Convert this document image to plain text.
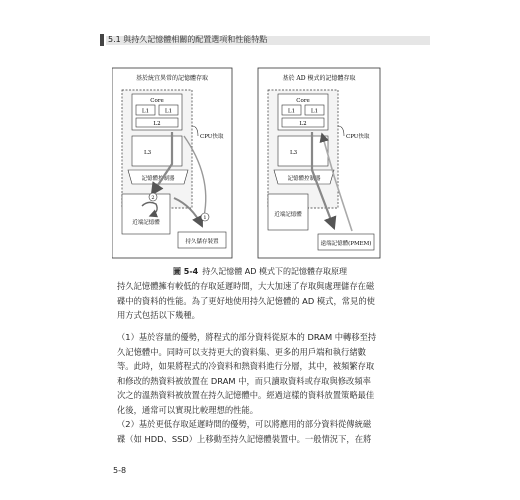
5.1 與持久記憶體相關的配置選項和性能特點
基於統宜異常的記憶體存取
Core
L1	L1
L2
L3
CPU快取
記憶體控制器
近端記憶體
持久儲存裝置
2
1
基於 AD 模式的記憶體存取
Core
L1	L1
L2
L3
CPU快取
記憶體控制器
近端記憶體
遠端記憶體(PMEM)
圖 5-4 持久記憶體 AD 模式下的記憶體存取原理
持久記憶體擁有較低的存取延遲時間，大大加速了存取與處理儲存在磁
碟中的資料的性能。為了更好地使用持久記憶體的 AD 模式，常見的使
用方式包括以下幾種。
（1）基於容量的優勢，將程式的部分資料從原本的 DRAM 中轉移至持
久記憶體中。同時可以支持更大的資料集、更多的用戶端和執行緒數
等。此時，如果將程式的冷資料和熱資料進行分層，其中，被頻繁存取
和修改的熱資料被放置在 DRAM 中，而只讀取資料或存取與修改頻率
次之的溫熱資料被放置在持久記憶體中。經過這樣的資料放置策略最佳
化後，通常可以實現比較理想的性能。
（2）基於更低存取延遲時間的優勢，可以將應用的部分資料從傳統磁
碟（如 HDD、SSD）上移動至持久記憶體裝置中。一般情況下，在將
5-8
